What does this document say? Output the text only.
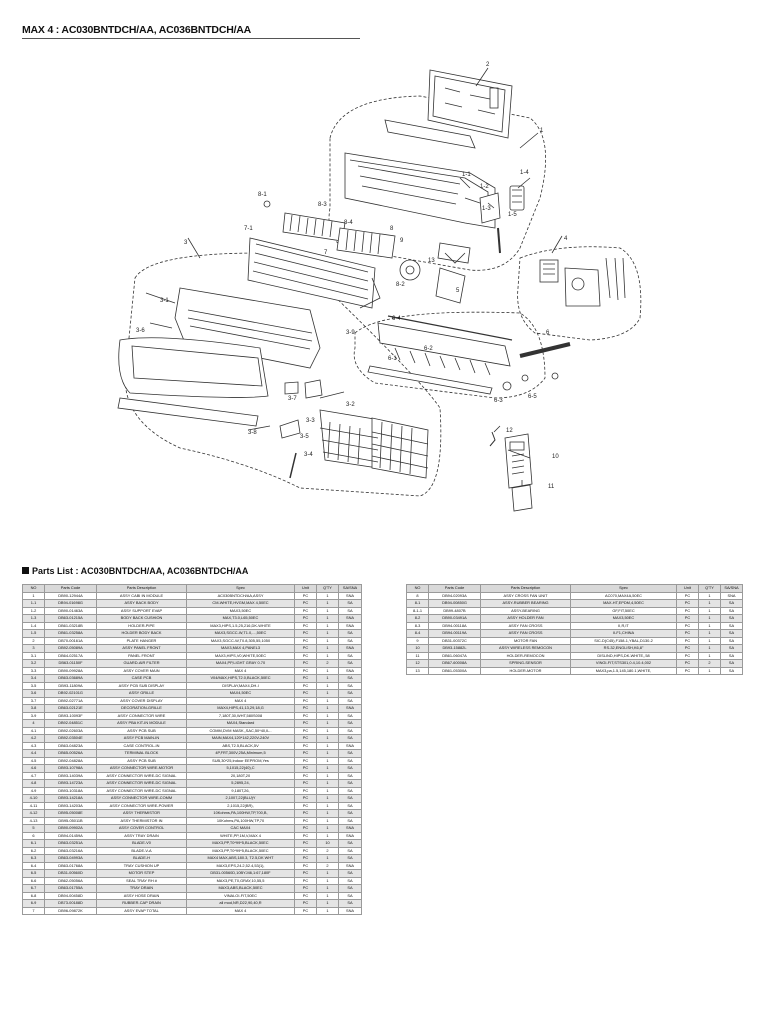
MAX 4 : AC030BNTDCH/AA, AC036BNTDCH/AA
2
1
1-1
1-2
1-4
1-5
1-3
8-1
8-3
8-4
8
7-1
7
9
13
8-2
5
3
3-1
3-6
3-7
3-2
3-3
3-5
3-8
3-4
3-9
4
6-4
6
6-1
6-2
6-3
6-5
12
10
11
Parts List : AC030BNTDCH/AA, AC036BNTDCH/AA
NO	Parts Code	Parts Description	Spec	Unit	Q'TY	SA/SNA
1	DB90-12944A	ASSY CABI IN MODULE	AC030BNTDCH/AA,ASSY	PC	1	SNA
1-1	DB94-01698G	ASSY BACK BODY	CM-WHITE,HVGM,MAX 4,50EC	PC	1	SA
1-2	DB90-01463A	ASSY SUPPORT EVAP	MAX3,50EC	PC	1	SA
1-3	DB63-01215A	BODY BACK CUSHION	MAX,T3.0,L65,50EC	PC	1	SNA
1-4	DB61-03218B	HOLDER-PIPE	MAX3,HIPS,1.5,25,216,DK-WHITE	PC	1	SNA
1-5	DB61-03258A	HOLDER BODY BACK	MAX3,SGCC-W,T1.0,...,50EC	PC	1	SA
2	DB70-00161A	PLATE HANGER	MAX3,SGCC-W,T0.8,305,55,1050	PC	1	SA
3	DB92-05089A	ASSY PANEL FRONT	MAX3,MAX 4,PANEL3	PC	1	SNA
3-1	DB64-02517A	PANEL FRONT	MAX3,HIPS,V0,WHITE,50EC	PC	1	SA
3-2	DB63-01150F	GUARD-AIR FILTER	MAX4,PP,LIGHT GRAY 0.70	PC	2	SA
3-3	DB90-09928A	ASSY COVER MAIN	MAX 4	PC	1	SNA
3-4	DB63-03689A	CASE PCB	V04/MAX,HIPS,T2.0,BLACK,50EC	PC	1	SA
3-5	DB93-11809A	ASSY PCB SUB DISPLAY	DISPLAY,MAX4,DH-I	PC	1	SA
3-6	DB92-02101G	ASSY GRILLE	MAX4,50EC	PC	1	SA
3-7	DB92-02771A	ASSY COVER DISPLAY	MAX 4	PC	1	SA
3-8	DB63-02121E	DECORATION-GRILLE	MAX4,HIPS,41,13,29,18,G	PC	1	SNA
3-9	DB93-10093F	ASSY CONNECTOR WIRE	7,180T,30,WHT,580S008	PC	1	SA
4	DB92-04851C	ASSY PBA KIT-IN MODULE	MAX4,Standard	PC	1	SA
4-1	DB92-02603A	ASSY PCB SUB	COMM,DVM MASK,,SAC,50*40,IL..	PC	1	SA
4-2	DB92-03504E	ASSY PCB MAIN-IN	MAIN,MAX4,120*142,220V-240V	PC	1	SA
4-3	DB63-04823A	CASE CONTROL-IN	ABS,T2.5,BLACK,5V	PC	1	SNA
4-4	DB65-00526A	TERMINAL BLOCK	4P,FRT,300V,25A,Minimum,5	PC	1	SA
4-5	DB92-04828A	ASSY PCB SUB	SUB,30*25,Indoor EEPROM,Yes	PC	1	SA
4-6	DB93-10798A	ASSY CONNECTOR WIRE-MOTOR	5,1015,22(40),C	PC	1	SA
4-7	DB93-14039A	ASSY CONNECTOR WIRE-DC SIGNAL	20,180T,20	PC	1	SA
4-8	DB93-14723A	ASSY CONNECTOR WIRE-DC SIGNAL	5,2895,24,	PC	1	SA
4-9	DB93-10318A	ASSY CONNECTOR WIRE-DC SIGNAL	9,180T,26,	PC	1	SA
4-10	DB93-14218A	ASSY CONNECTOR WIRE-COMM	2,1007,22(BLU)Y	PC	1	SA
4-11	DB93-14203A	ASSY CONNECTOR WIRE-POWER	2,1015,22(BR),	PC	1	SA
4-12	DB95-05008E	ASSY THERMISTOR	10Kohms,PA,100HW,TP,700,B,	PC	1	SA
4-13	DB95-05011B	ASSY THERMISTOR IN	10Kohms,PA,100HW,TP,70	PC	1	SA
5	DB90-09902A	ASSY COVER CONTROL	CAC MAX4	PC	1	SNA
6	DB94-01459A	ASSY TRAY DRAIN	WHITE,PP,1M,V,MAX 4	PC	1	SNA
6-1	DB63-03251A	BLADE-V0	MAX3,PP,T0*99*5,BLACK,50EC	PC	10	SA
6-2	DB63-03216A	BLADE-V-A	MAX3,PP,T0*99*5,BLACK,50EC	PC	2	SA
6-3	DB63-04993A	BLADE-H	MAX4 MAX,ABS,180.3, T2.5,DK WHT	PC	1	SA
6-4	DB63-01768A	TRAY CUSHION UP	MAX3,EPS,24.2,52.4,53(1),	PC	2	SNA
6-5	DB31-00560D	MOTOR STEP	DB31-00560D,10BYJ46,1:67,180F	PC	1	SA
6-6	DB62-05056A	SEAL TRAY RH #	MAX3,PE,T0,GRAY,10,55,5	PC	1	SA
6-7	DB63-01755A	TRAY DRAIN	MAX3,ABS,BLACK,50EC	PC	1	SA
6-8	DB94-00458D	ASSY HOSE DRAIN	VINALOI-FIT,50EC	PC	1	SA
6-9	DB73-00188D	RUBBER-CAP DRAIN	all mod,NR,D22,90,40,R	PC	1	SA
7	DB96-09872K	ASSY EVAP TOTAL	MAX 4	PC	1	SNA
NO	Parts Code	Parts Description	Spec	Unit	Q'TY	SA/SNA
8	DB94-02093A	ASSY CROSS FAN UNIT	AC070,MAX4A,50EC	PC	1	SNA
8-1	DB94-00850G	ASSY-RUBBER BEARING	MAX-HT,EPDM,4,50EC	PC	1	SA
8-1-1	DB99-4807B	ASSY-BEARING	GF,FIT,50EC	PC	1	SA
8-2	DB90-03491A	ASSY HOLDER FAN	MAX3,50EC	PC	1	SA
8-3	DB94-00118A	ASSY FAN CROSS	II,R,IT	PC	1	SA
8-4	DB94-00119A	ASSY FAN CROSS	II-F1,CHINA	PC	1	SA
9	DB31-00372C	MOTOR FAN	SIC-D(C45),F158-1,YBAL,D130-2	PC	1	SA
10	DB93-15882L	ASSY WIRELESS REMOCON	RS-32,ENGLISH,K6,8"	PC	1	SA
11	DB61-06047A	HOLDER-REMOCON	DISLIND,HIPS,DK-WHITE,,58	PC	1	SA
12	DB67-60008A	SPRING-SENSOR	VINGI-FIT,STS301,0.4,10.4,002	PC	2	SA
13	DB61-05300A	HOLDER-MOTOR	MAX3,pa,1.5,145,180.1,WHITE,	PC	1	SA
